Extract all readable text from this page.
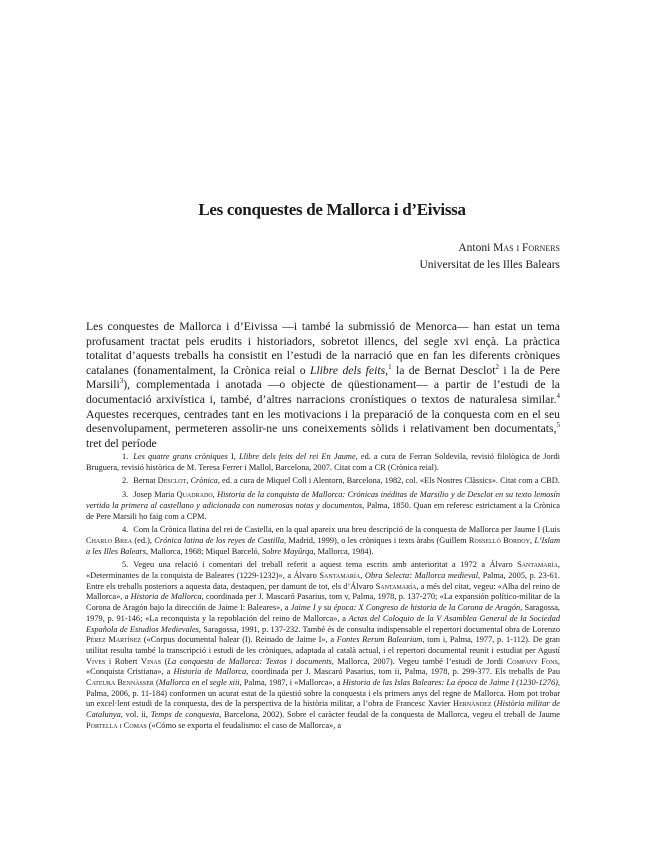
Les conquestes de Mallorca i d’Eivissa
Antoni Mas i Forners
Universitat de les Illes Balears

Les conquestes de Mallorca i d’Eivissa —i també la submissió de Menorca— han estat un tema profusament tractat pels erudits i historiadors, sobretot illencs, del segle xvi ençà. La pràctica totalitat d’aquests treballs ha consistit en l’estudi de la narració que en fan les diferents cròniques catalanes (fonamentalment, la Crònica reial o Llibre dels feits,$^1$ la de Bernat Desclot$^2$ i la de Pere Marsili$^3$), complementada i anotada —o objecte de qüestionament— a partir de l’estudi de la documentació arxivística i, també, d’altres narracions cronístiques o textos de naturalesa similar.$^4$ Aquestes recerques, centrades tant en les motivacions i la preparació de la conquesta com en el seu desenvolupament, permeteren assolir-ne uns coneixements sòlids i relativament ben documentats,$^5$ tret del període

1. Les quatre grans cròniques I, Llibre dels feits del rei En Jaume, ed. a cura de Ferran Soldevila, revisió filològica de Jordi Bruguera, revisió històrica de M. Teresa Ferrer i Mallol, Barcelona, 2007. Citat com a CR (Crònica reial).

2. Bernat Desclot, Crònica, ed. a cura de Miquel Coll i Alentorn, Barcelona, 1982, col. «Els Nostres Clàssics». Citat com a CBD.

3. Josep Maria Quadrado, Historia de la conquista de Mallorca: Crónicas inéditas de Marsilio y de Desclot en su texto lemosín vertido la primera al castellano y adicionada con numerosas notas y documentos, Palma, 1850. Quan em referesc estrictament a la Crònica de Pere Marsili ho faig com a CPM.

4. Com la Crònica llatina del rei de Castella, en la qual apareix una breu descripció de la conquesta de Mallorca per Jaume I (Luis Charlo Brea (ed.), Crónica latina de los reyes de Castilla, Madrid, 1999), o les cròniques i texts àrabs (Guillem Rosselló Bordoy, L’Islam a les Illes Balears, Mallorca, 1968; Miquel Barceló, Sobre Mayûrqa, Mallorca, 1984).

5. Vegeu una relació i comentari del treball referit a aquest tema escrits amb anterioritat a 1972 a Álvaro Santamaría, «Determinantes de la conquista de Baleares (1229-1232)», a Álvaro Santamaría, Obra Selecta: Mallorca medieval, Palma, 2005, p. 23-61. Entre els treballs posteriors a aquesta data, destaquen, per damunt de tot, els d’Álvaro Santamaría, a més del citat, vegeu: «Alba del reino de Mallorca», a Historia de Mallorca, coordinada per J. Mascaró Pasarius, tom v, Palma, 1978, p. 137-270; «La expansión político-militar de la Corona de Aragón bajo la dirección de Jaime I: Baleares», a Jaime I y su época: X Congreso de historia de la Corona de Aragón, Saragossa, 1979, p. 91-146; «La reconquista y la repoblación del reino de Mallorca», a Actas del Coloquio de la V Asamblea General de la Sociedad Española de Estudios Medievales, Saragossa, 1991, p. 137-232. També és de consulta indispensable el repertori documental obra de Lorenzo Pérez Martínez («Corpus documental balear (I). Reinado de Jaime I», a Fontes Rerum Balearium, tom i, Palma, 1977, p. 1-112). De gran utilitat resulta també la transcripció i estudi de les cròniques, adaptada al català actual, i el repertori documental reunit i estudiat per Agustí Vives i Robert Vinas (La conquesta de Mallorca: Textos i documents, Mallorca, 2007). Vegeu també l’estudi de Jordi Company Fons, «Conquista Cristiana», a Historia de Mallorca, coordinada per J. Mascaró Pasarius, tom ii, Palma, 1978, p. 299-377. Els treballs de Pau Cateura Bennàsser (Mallorca en el segle xiii, Palma, 1987, i «Mallorca», a Historia de las Islas Baleares: La época de Jaime I (1230-1276), Palma, 2006, p. 11-184) conformen un acurat estat de la qüestió sobre la conquesta i els primers anys del regne de Mallorca. Hom pot trobar un excel·lent estudi de la conquesta, des de la perspectiva de la història militar, a l’obra de Francesc Xavier Hernàndez (Història militar de Catalunya, vol. ii, Temps de conquesta, Barcelona, 2002). Sobre el caràcter feudal de la conquesta de Mallorca, vegeu el treball de Jaume Portella i Comas («Cómo se exporta el feudalismo: el caso de Mallorca», a
